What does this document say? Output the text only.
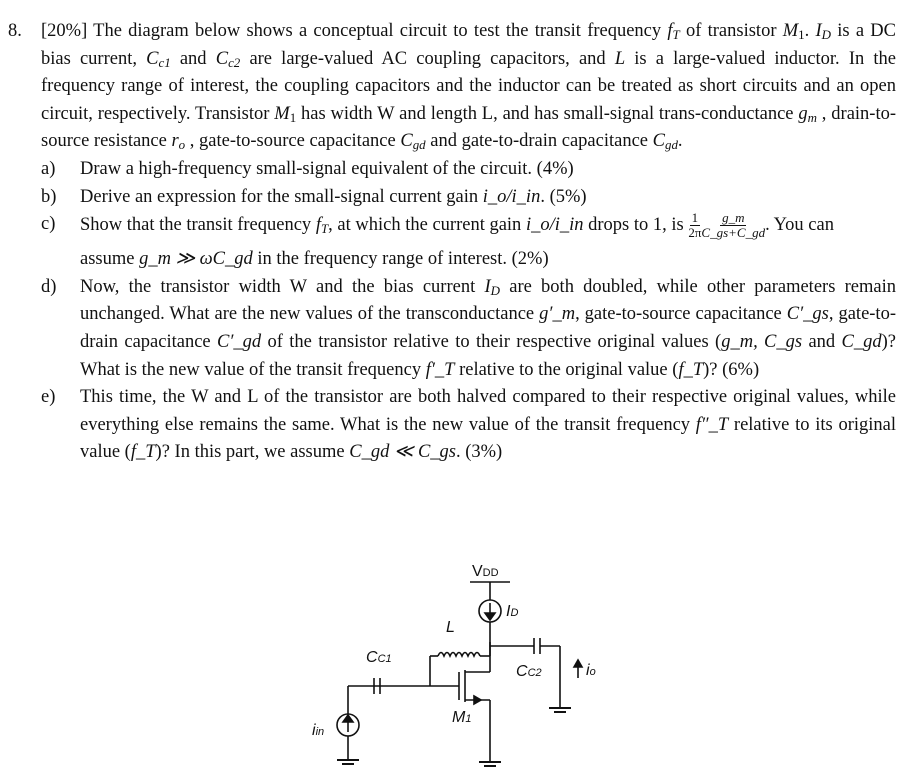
8. [20%] The diagram below shows a conceptual circuit to test the transit frequency $f_T$ of transistor $M_1$. $I_D$ is a DC bias current, $C_{c1}$ and $C_{c2}$ are large-valued AC coupling capacitors, and L is a large-valued inductor. In the frequency range of interest, the coupling capacitors and the inductor can be treated as short circuits and an open circuit, respectively. Transistor $M_1$ has width W and length L, and has small-signal trans-conductance $g_m$ , drain-to-source resistance $r_o$ , gate-to-source capacitance $C_{gd}$ and gate-to-drain capacitance $C_{gd}$.
a)	Draw a high-frequency small-signal equivalent of the circuit. (4%)
b)	Derive an expression for the small-signal current gain i_o/i_in. (5%)
c)	Show that the transit frequency $f_T$, at which the current gain i_o/i_in drops to 1, is $\frac{1}{2\pi} \frac{g\_m}{C\_gs+C\_gd}$ . You can
assume g_m ≫ ωC_gd in the frequency range of interest. (2%)
d)	Now, the transistor width W and the bias current $I_D$ are both doubled, while other parameters remain unchanged. What are the new values of the transconductance g′_m, gate-to-source capacitance C′_gs, gate-to-drain capacitance C′_gd of the transistor relative to their respective original values (g_m, C_gs and C_gd)? What is the new value of the transit frequency f′_T relative to the original value (f_T)? (6%)
e)	This time, the W and L of the transistor are both halved compared to their respective original values, while everything else remains the same. What is the new value of the transit frequency f″_T relative to its original value (f_T)? In this part, we assume C_gd ≪ C_gs. (3%)
VDD
L
ID
CC1
CC2	io
M1
iin
